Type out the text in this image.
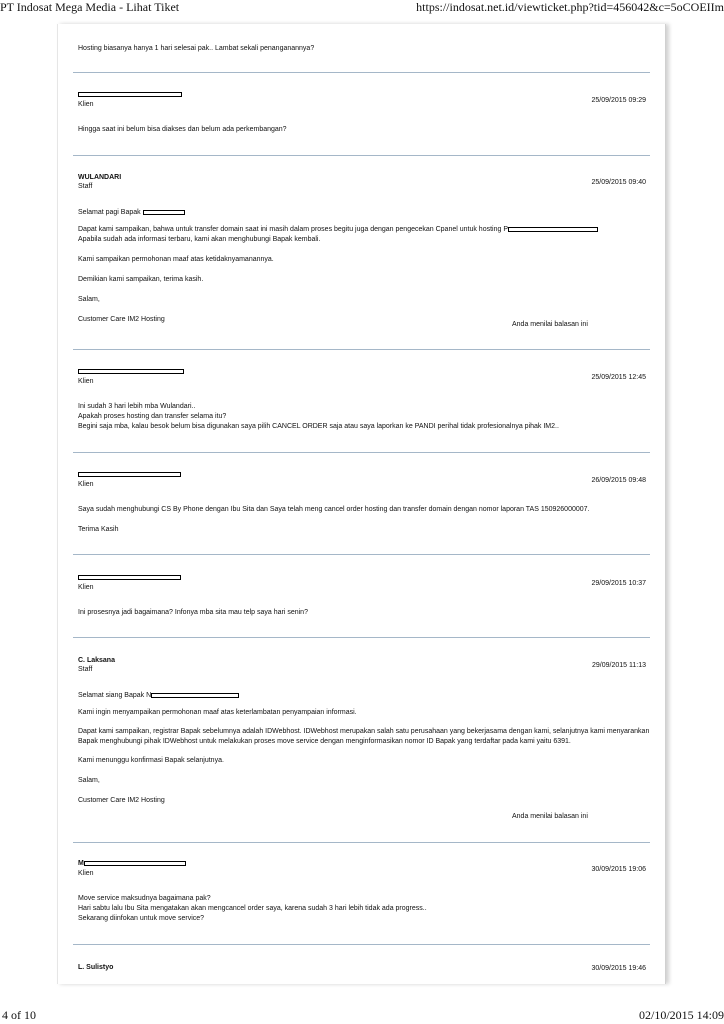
PT Indosat Mega Media - Lihat Tiket	https://indosat.net.id/viewticket.php?tid=456042&c=5oCOEIIm

Hosting biasanya hanya 1 hari selesai pak.. Lambat sekali penanganannya?

Klien
25/09/2015 09:29

Hingga saat ini belum bisa diakses dan belum ada perkembangan?

WULANDARI
Staff
25/09/2015 09:40

Selamat pagi Bapak

Dapat kami sampaikan, bahwa untuk transfer domain saat ini masih dalam proses begitu juga dengan pengecekan Cpanel untuk hosting P

Apabila sudah ada informasi terbaru, kami akan menghubungi Bapak kembali.

Kami sampaikan permohonan maaf atas ketidaknyamanannya.

Demikian kami sampaikan, terima kasih.

Salam,

Customer Care IM2 Hosting

Anda menilai balasan ini
Klien
25/09/2015 12:45

Ini sudah 3 hari lebih mba Wulandari..

Apakah proses hosting dan transfer selama itu?

Begini saja mba, kalau besok belum bisa digunakan saya pilih CANCEL ORDER saja atau saya laporkan ke PANDI perihal tidak profesionalnya pihak IM2..

Klien
26/09/2015 09:48

Saya sudah menghubungi CS By Phone dengan Ibu Sita dan Saya telah meng cancel order hosting dan transfer domain dengan nomor laporan TAS 150926000007.

Terima Kasih

Klien
29/09/2015 10:37

Ini prosesnya jadi bagaimana? Infonya mba sita mau telp saya hari senin?

C. Laksana
Staff
29/09/2015 11:13

Selamat siang Bapak N

Kami ingin menyampaikan permohonan maaf atas keterlambatan penyampaian informasi.

Dapat kami sampaikan, registrar Bapak sebelumnya adalah IDWebhost. IDWebhost merupakan salah satu perusahaan yang bekerjasama dengan kami, selanjutnya kami menyarankan Bapak menghubungi pihak IDWebhost untuk melakukan proses move service dengan menginformasikan nomor ID Bapak yang terdaftar pada kami yaitu 6391.

Kami menunggu konfirmasi Bapak selanjutnya.

Salam,

Customer Care IM2 Hosting

Anda menilai balasan ini
M
Klien
30/09/2015 19:06

Move service maksudnya bagaimana pak?

Hari sabtu lalu Ibu Sita mengatakan akan mengcancel order saya, karena sudah 3 hari lebih tidak ada progress..

Sekarang diinfokan untuk move service?

L. Sulistyo	30/09/2015 19:46
4 of 10	02/10/2015 14:09
